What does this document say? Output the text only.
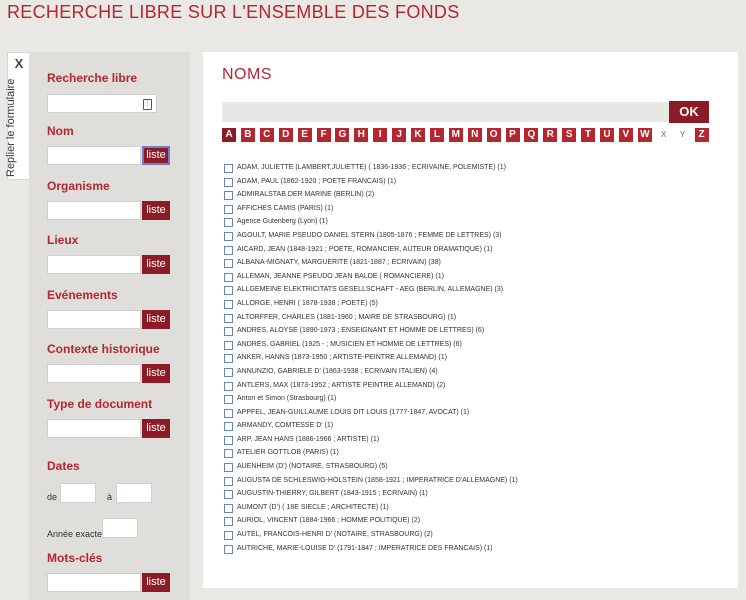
RECHERCHE LIBRE SUR L'ENSEMBLE DES FONDS
X
Replier le formulaire
Recherche libre
⋮
Nom
liste
Organisme
liste
Lieux
liste
Evénements
liste
Contexte historique
liste
Type de document
liste
Dates
de	à
Année exacte
Mots-clés
liste
NOMS
OK
A	B	C	D	E	F	G	H	I	J	K	L	M	N	O	P	Q	R	S	T	U	V	W	X	Y	Z
ADAM, JULIETTE (LAMBERT,JULIETTE) ( 1836-1936 ; ECRIVAINE, POLEMISTE) (1)
ADAM, PAUL (1862-1920 ; POETE FRANCAIS) (1)
ADMIRALSTAB DER MARINE (BERLIN) (2)
AFFICHES CAMIS (PARIS) (1)
Agence Gutenberg (Lyon) (1)
AGOULT, MARIE PSEUDO DANIEL STERN (1805-1876 ; FEMME DE LETTRES) (3)
AICARD, JEAN (1848-1921 ; POETE, ROMANCIER, AUTEUR DRAMATIQUE) (1)
ALBANA-MIGNATY, MARGUERITE (1821-1887 ; ECRIVAIN) (38)
ALLEMAN, JEANNE PSEUDO JEAN BALDE ( ROMANCIERE) (1)
ALLGEMEINE ELEKTRICITATS GESELLSCHAFT - AEG (BERLIN, ALLEMAGNE) (3)
ALLORGE, HENRI ( 1878-1938 ; POETE) (5)
ALTORFFER, CHARLES (1881-1960 ; MAIRE DE STRASBOURG) (1)
ANDRES, ALOYSE (1890-1973 ; ENSEIGNANT ET HOMME DE LETTRES) (6)
ANDRES, GABRIEL (1925 - ; MUSICIEN ET HOMME DE LETTRES) (6)
ANKER, HANNS (1873-1950 ; ARTISTE-PEINTRE ALLEMAND) (1)
ANNUNZIO, GABRIELE D' (1863-1938 ; ECRIVAIN ITALIEN) (4)
ANTLERS, MAX (1873-1952 ; ARTISTE PEINTRE ALLEMAND) (2)
Anton et Simon (Strasbourg) (1)
APPFEL, JEAN-GUILLAUME LOUIS DIT LOUIS (1777-1847, AVOCAT) (1)
ARMANDY, COMTESSE D' (1)
ARP, JEAN HANS (1886-1966 ; ARTISTE) (1)
ATELIER GOTTLOB (PARIS) (1)
AUENHEIM (D') (NOTAIRE, STRASBOURG) (5)
AUGUSTA DE SCHLESWIG-HOLSTEIN (1858-1921 ; IMPERATRICE D'ALLEMAGNE) (1)
AUGUSTIN-THIERRY, GILBERT (1843-1915 ; ECRIVAIN) (1)
AUMONT (D') ( 18E SIECLE ; ARCHITECTE) (1)
AURIOL, VINCENT (1884-1966 ; HOMME POLITIQUE) (2)
AUTEL, FRANCOIS-HENRI D' (NOTAIRE, STRASBOURG) (2)
AUTRICHE, MARIE-LOUISE D' (1791-1847 ; IMPERATRICE DES FRANCAIS) (1)
